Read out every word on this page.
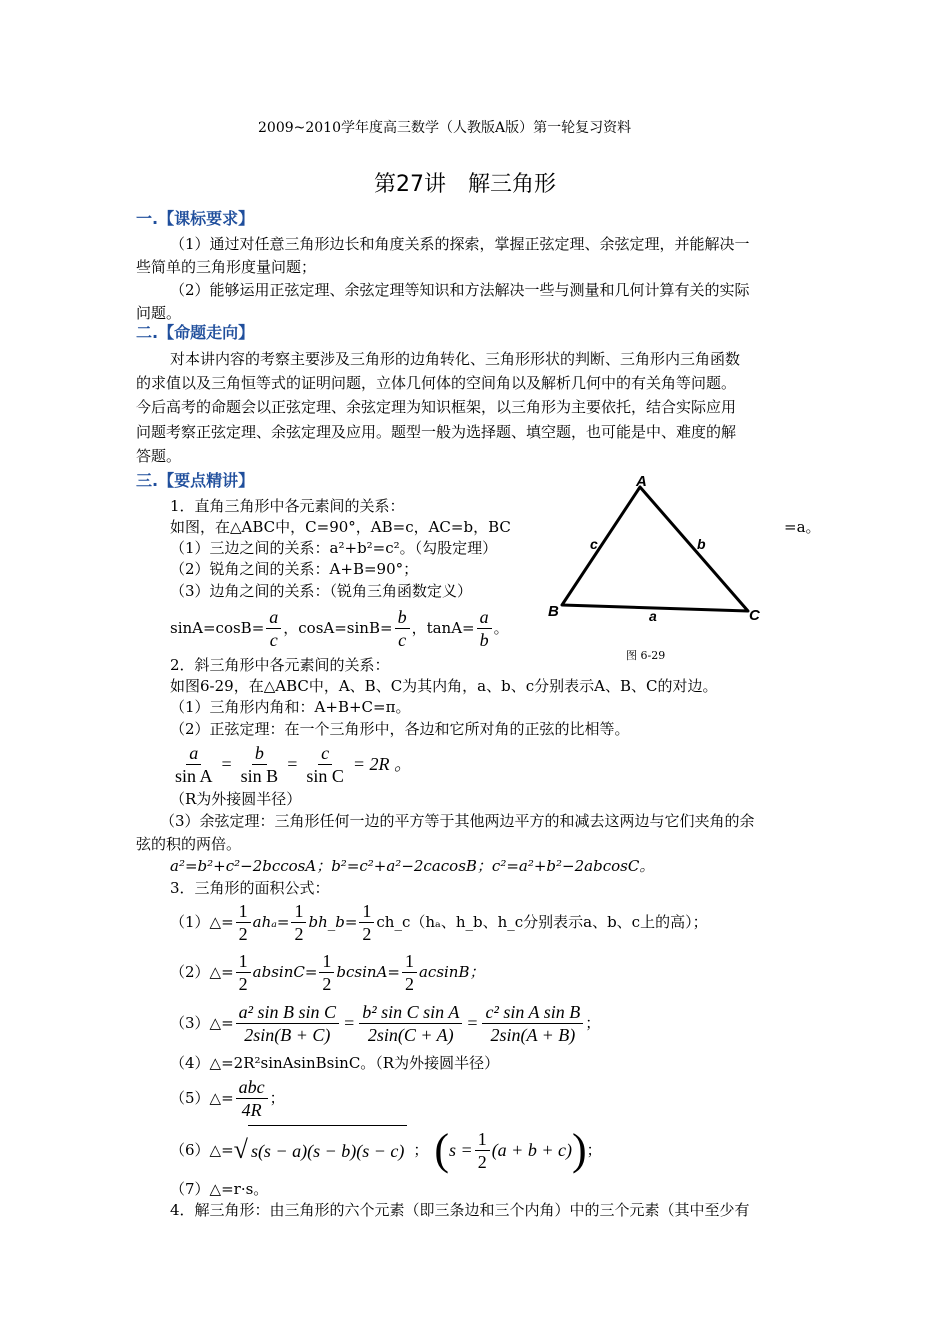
2009~2010学年度高三数学（人教版A版）第一轮复习资料
第27讲　解三角形
一.【课标要求】
（1）通过对任意三角形边长和角度关系的探索，掌握正弦定理、余弦定理，并能解决一
些简单的三角形度量问题；
（2）能够运用正弦定理、余弦定理等知识和方法解决一些与测量和几何计算有关的实际
问题。
二.【命题走向】
对本讲内容的考察主要涉及三角形的边角转化、三角形形状的判断、三角形内三角函数
的求值以及三角恒等式的证明问题，立体几何体的空间角以及解析几何中的有关角等问题。
今后高考的命题会以正弦定理、余弦定理为知识框架，以三角形为主要依托，结合实际应用
问题考察正弦定理、余弦定理及应用。题型一般为选择题、填空题，也可能是中、难度的解
答题。
三.【要点精讲】
1．直角三角形中各元素间的关系：
如图，在△ABC中，C=90°，AB=c，AC=b，BC	=a。
（1）三边之间的关系：a²+b²=c²。（勾股定理）
（2）锐角之间的关系：A+B=90°；
（3）边角之间的关系：（锐角三角函数定义）
$\sin A=\cos B= \frac{a}{c}$ ，$\cos A=\sin B= \frac{b}{c}$ ，$\tan A= \frac{a}{b}$ 。
A
B	C
c	b
a
图 6-29
2．斜三角形中各元素间的关系：
如图6-29，在△ABC中，A、B、C为其内角，a、b、c分别表示A、B、C的对边。
（1）三角形内角和：A+B+C=π。
（2）正弦定理：在一个三角形中，各边和它所对角的正弦的比相等。
$\frac{a}{\text{sin A}} = \frac{b}{\text{sin B}} = \frac{c}{\text{sin C}} = 2R$ 。
（R为外接圆半径）
（3）余弦定理：三角形任何一边的平方等于其他两边平方的和减去这两边与它们夹角的余
弦的积的两倍。
a²=b²+c²−2bccosA；b²=c²+a²−2cacosB；c²=a²+b²−2abcosC。
3．三角形的面积公式：
（1）△= $\frac{1}{2} ah_a= \frac{1}{2}$ bh_b= $\frac{1}{2}$ ch_c（hₐ、h_b、h_c分别表示a、b、c上的高）；
（2）△= $\frac{1}{2} absinC= \frac{1}{2} bcsinA= \frac{1}{2}$ acsinB；
（3）△= $\frac{\text{a² sin B sin C}}{2\sin(B + C)} = \frac{\text{b² sin C sin A}}{2\sin(C + A)} = \frac{\text{c² sin A sin B}}{2\sin(A + B)}$ ；
（4）△=2R²sinAsinBsinC。（R为外接圆半径）
（5）△= $\frac{\text{abc}}{4R}$ ；
（6）△= √ s(s − a)(s − b)(s − c) ； ( $s = \frac{1}{2} (a + b + c)$ ) ；
（7）△=r·s。
4．解三角形：由三角形的六个元素（即三条边和三个内角）中的三个元素（其中至少有
